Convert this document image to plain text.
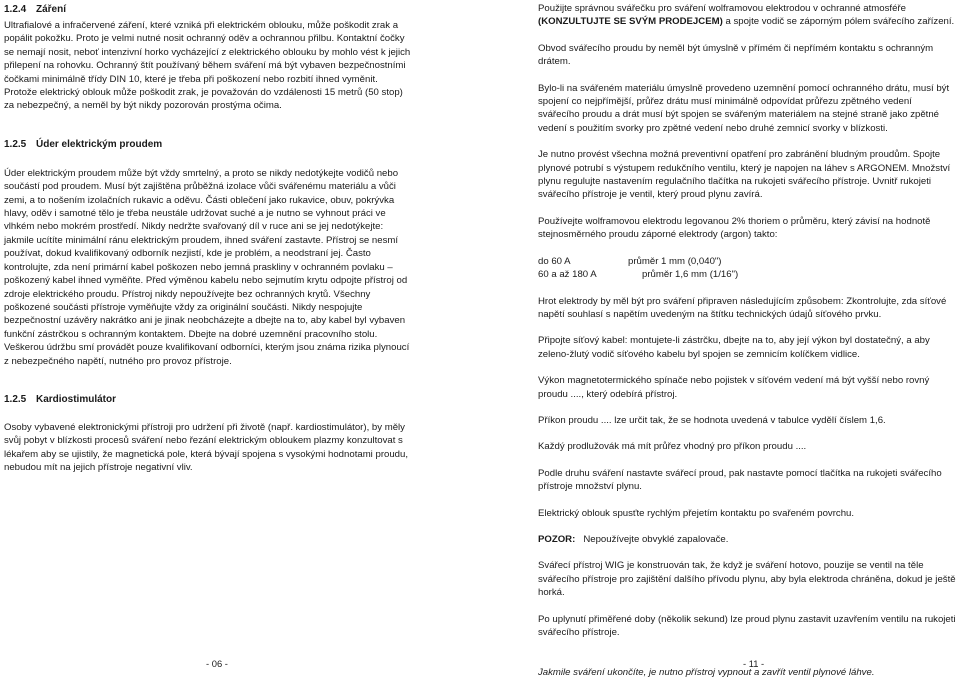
1.2.4 Záření

Ultrafialové a infračervené záření, které vzniká při elektrickém oblouku, může poškodit zrak a popálit pokožku. Proto je velmi nutné nosit ochranný oděv a ochrannou přilbu. Kontaktní čočky se nemají nosit, neboť intenzivní horko vycházející z elektrického oblouku by mohlo vést k jejich přilepení na rohovku. Ochranný štít používaný během sváření má být vybaven bezpečnostními čočkami minimálně třídy DIN 10, které je třeba při poškození nebo rozbití ihned vyměnit. Protože elektrický oblouk může poškodit zrak, je považován do vzdálenosti 15 metrů (50 stop) za nebezpečný, a neměl by být nikdy pozorován prostýma očima.

1.2.5 Úder elektrickým proudem

Úder elektrickým proudem může být vždy smrtelný, a proto se nikdy nedotýkejte vodičů nebo součástí pod proudem. Musí být zajištěna průběžná izolace vůči svářenému materiálu a vůči zemi, a to nošením izolačních rukavic a oděvu. Části oblečení jako rukavice, obuv, pokrývka hlavy, oděv i samotné tělo je třeba neustále udržovat suché a je nutno se vyhnout práci ve vlhkém nebo mokrém prostředí. Nikdy nedržte svařovaný díl v ruce ani se jej nedotýkejte: jakmile ucítíte minimální ránu elektrickým proudem, ihned sváření zastavte. Přístroj se nesmí používat, dokud kvalifikovaný odborník nezjistí, kde je problém, a neodstraní jej. Často kontrolujte, zda není primární kabel poškozen nebo jemná praskliny v ochranném povlaku – poškozený kabel ihned vyměňte. Před výměnou kabelu nebo sejmutím krytu odpojte přístroj od zdroje elektrického proudu. Přístroj nikdy nepoužívejte bez ochranných krytů. Všechny poškozené součásti přístroje vyměňujte vždy za originální součásti. Nikdy nespojujte bezpečnostní uzávěry nakrátko ani je jinak neobcházejte a dbejte na to, aby kabel byl vybaven funkční zástrčkou s ochranným kontaktem. Dbejte na dobré uzemnění pracovního stolu. Veškerou údržbu smí provádět pouze kvalifikovaní odborníci, kterým jsou známa rizika plynoucí z nebezpečného napětí, nutného pro provoz přístroje.

1.2.5 Kardiostimulátor

Osoby vybavené elektronickými přístroji pro udržení při životě (např. kardiostimulátor), by měly svůj pobyt v blízkosti procesů sváření nebo řezání elektrickým obloukem plazmy konzultovat s lékařem aby se ujistily, že magnetická pole, která bývají spojena s vysokými hodnotami proudu, nebudou mít na jejich přístroje negativní vliv.

Použijte správnou svářečku pro sváření wolframovou elektrodou v ochranné atmosféře (KONZULTUJTE SE SVÝM PRODEJCEM) a spojte vodič se záporným pólem svářecího zařízení.

Obvod svářecího proudu by neměl být úmyslně v přímém či nepřímém kontaktu s ochranným drátem.

Bylo-li na svářeném materiálu úmyslně provedeno uzemnění pomocí ochranného drátu, musí být spojení co nejpřímější, průřez drátu musí minimálně odpovídat průřezu zpětného vedení svářecího proudu a drát musí být spojen se svářeným materiálem na stejné straně jako zpětné vedení s použitím svorky pro zpětné vedení nebo druhé zemnicí svorky v blízkosti.

Je nutno provést všechna možná preventivní opatření pro zabránění bludným proudům. Spojte plynové potrubí s výstupem redukčního ventilu, který je napojen na láhev s ARGONEM. Množství plynu regulujte nastavením regulačního tlačítka na rukojeti svářecího přístroje. Uvnitř rukojeti svářecího přístroje je ventil, který proud plynu zavírá.

Používejte wolframovou elektrodu legovanou 2% thoriem o průměru, který závisí na hodnotě stejnosměrného proudu záporné elektrody (argon) takto:

do 60 A	průměr 1 mm (0,040")
60 a až 180 A	průměr 1,6 mm (1/16")

Hrot elektrody by měl být pro sváření připraven následujícím způsobem: Zkontrolujte, zda síťové napětí souhlasí s napětím uvedeným na štítku technických údajů síťového prvku.

Připojte síťový kabel: montujete-li zástrčku, dbejte na to, aby její výkon byl dostatečný, a aby zeleno-žlutý vodič síťového kabelu byl spojen se zemnicím kolíčkem vidlice.

Výkon magnetotermického spínače nebo pojistek v síťovém vedení má být vyšší nebo rovný proudu ...., který odebírá přístroj.

Příkon proudu .... lze určit tak, že se hodnota uvedená v tabulce vydělí číslem 1,6.

Každý prodlužovák má mít průřez vhodný pro příkon proudu ....

Podle druhu sváření nastavte svářecí proud, pak nastavte pomocí tlačítka na rukojeti svářecího přístroje množství plynu.

Elektrický oblouk spusťte rychlým přejetím kontaktu po svařeném povrchu.

POZOR: Nepoužívejte obvyklé zapalovače.

Svářecí přístroj WIG je konstruován tak, že když je sváření hotovo, pouzije se ventil na těle svářecího přístroje pro zajištění dalšího přívodu plynu, aby byla elektroda chráněna, dokud je ještě horká.

Po uplynutí přiměřené doby (několik sekund) lze proud plynu zastavit uzavřením ventilu na rukojeti svářecího přístroje.

Jakmile sváření ukončíte, je nutno přístroj vypnout a zavřít ventil plynové láhve.

- 06 -	- 11 -
